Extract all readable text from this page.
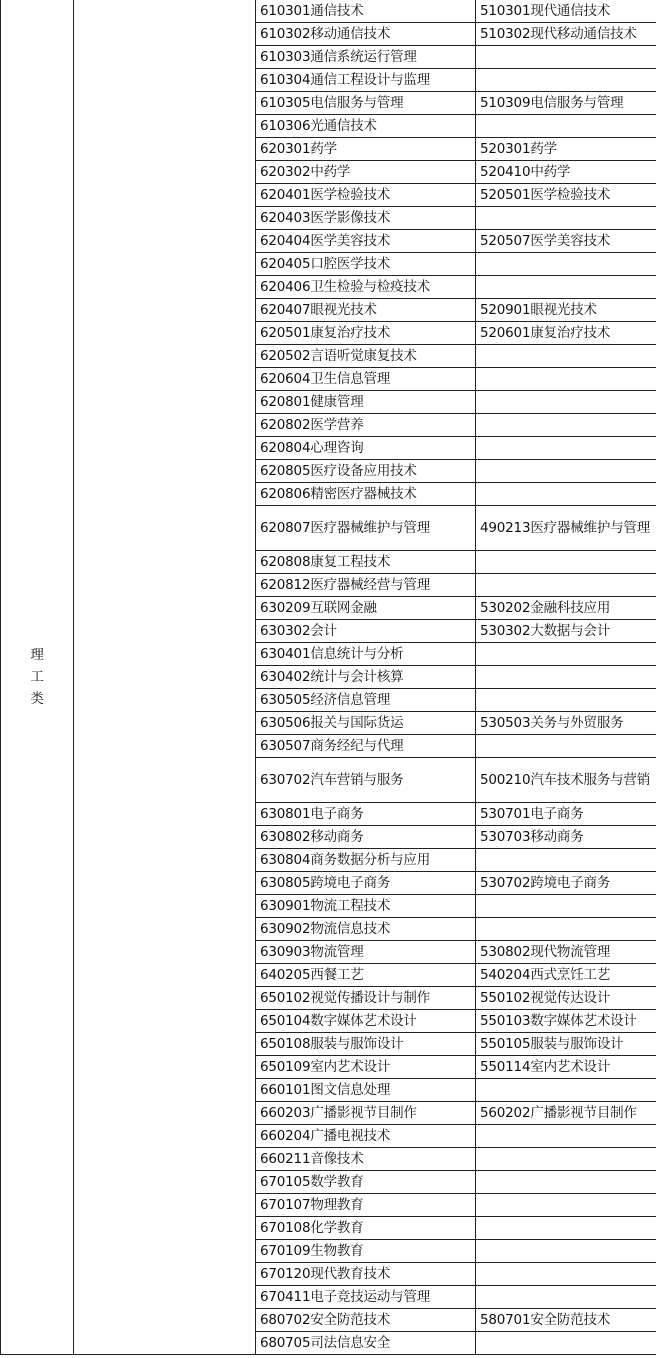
理工类		610301通信技术	510301现代通信技术
		610302移动通信技术	510302现代移动通信技术
		610303通信系统运行管理	
		610304通信工程设计与监理	
		610305电信服务与管理	510309电信服务与管理
		610306光通信技术	
		620301药学	520301药学
		620302中药学	520410中药学
		620401医学检验技术	520501医学检验技术
		620403医学影像技术	
		620404医学美容技术	520507医学美容技术
		620405口腔医学技术	
		620406卫生检验与检疫技术	
		620407眼视光技术	520901眼视光技术
		620501康复治疗技术	520601康复治疗技术
		620502言语听觉康复技术	
		620604卫生信息管理	
		620801健康管理	
		620802医学营养	
		620804心理咨询	
		620805医疗设备应用技术	
		620806精密医疗器械技术	
		620807医疗器械维护与管理	490213医疗器械维护与管理
		620808康复工程技术	
		620812医疗器械经营与管理	
		630209互联网金融	530202金融科技应用
		630302会计	530302大数据与会计
		630401信息统计与分析	
		630402统计与会计核算	
		630505经济信息管理	
		630506报关与国际货运	530503关务与外贸服务
		630507商务经纪与代理	
		630702汽车营销与服务	500210汽车技术服务与营销
		630801电子商务	530701电子商务
		630802移动商务	530703移动商务
		630804商务数据分析与应用	
		630805跨境电子商务	530702跨境电子商务
		630901物流工程技术	
		630902物流信息技术	
		630903物流管理	530802现代物流管理
		640205西餐工艺	540204西式烹饪工艺
		650102视觉传播设计与制作	550102视觉传达设计
		650104数字媒体艺术设计	550103数字媒体艺术设计
		650108服装与服饰设计	550105服装与服饰设计
		650109室内艺术设计	550114室内艺术设计
		660101图文信息处理	
		660203广播影视节目制作	560202广播影视节目制作
		660204广播电视技术	
		660211音像技术	
		670105数学教育	
		670107物理教育	
		670108化学教育	
		670109生物教育	
		670120现代教育技术	
		670411电子竞技运动与管理	
		680702安全防范技术	580701安全防范技术
		680705司法信息安全	
